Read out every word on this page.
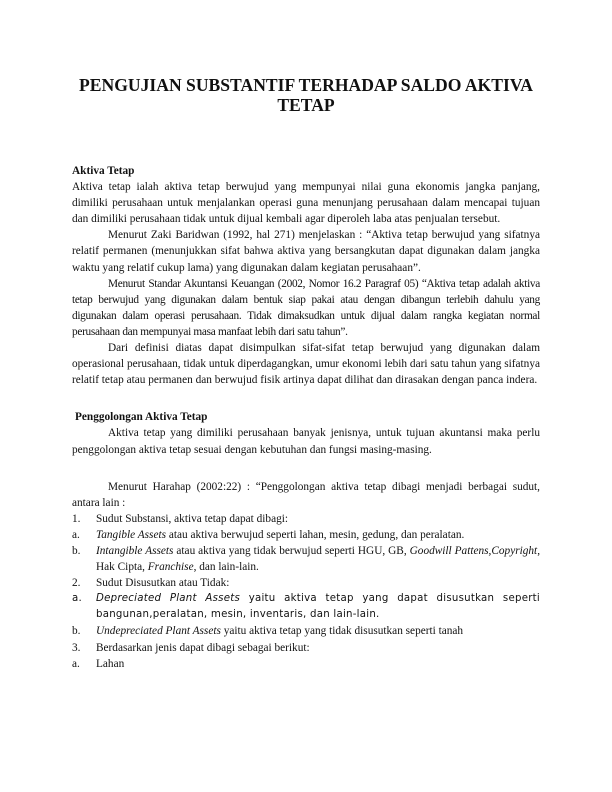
PENGUJIAN SUBSTANTIF TERHADAP SALDO AKTIVA TETAP

Aktiva Tetap

Aktiva tetap ialah aktiva tetap berwujud yang mempunyai nilai guna ekonomis jangka panjang, dimiliki perusahaan untuk menjalankan operasi guna menunjang perusahaan dalam mencapai tujuan dan dimiliki perusahaan tidak untuk dijual kembali agar diperoleh laba atas penjualan tersebut.

Menurut Zaki Baridwan (1992, hal 271) menjelaskan : “Aktiva tetap berwujud yang sifatnya relatif permanen (menunjukkan sifat bahwa aktiva yang bersangkutan dapat digunakan dalam jangka waktu yang relatif cukup lama) yang digunakan dalam kegiatan perusahaan”.

Menurut Standar Akuntansi Keuangan (2002, Nomor 16.2 Paragraf 05) “Aktiva tetap adalah aktiva tetap berwujud yang digunakan dalam bentuk siap pakai atau dengan dibangun terlebih dahulu yang digunakan dalam operasi perusahaan. Tidak dimaksudkan untuk dijual dalam rangka kegiatan normal perusahaan dan mempunyai masa manfaat lebih dari satu tahun”.

Dari definisi diatas dapat disimpulkan sifat-sifat tetap berwujud yang digunakan dalam operasional perusahaan, tidak untuk diperdagangkan, umur ekonomi lebih dari satu tahun yang sifatnya relatif tetap atau permanen dan berwujud fisik artinya dapat dilihat dan dirasakan dengan panca indera.

Penggolongan Aktiva Tetap

Aktiva tetap yang dimiliki perusahaan banyak jenisnya, untuk tujuan akuntansi maka perlu penggolongan aktiva tetap sesuai dengan kebutuhan dan fungsi masing-masing.

Menurut Harahap (2002:22) : “Penggolongan aktiva tetap dibagi menjadi berbagai sudut, antara lain :

1.	Sudut Substansi, aktiva tetap dapat dibagi:
a.	Tangible Assets atau aktiva berwujud seperti lahan, mesin, gedung, dan peralatan.
b.	Intangible Assets atau aktiva yang tidak berwujud seperti HGU, GB, Goodwill Pattens,Copyright, Hak Cipta, Franchise, dan lain-lain.
2.	Sudut Disusutkan atau Tidak:
a.	Depreciated Plant Assets yaitu aktiva tetap yang dapat disusutkan seperti bangunan,peralatan, mesin, inventaris, dan lain-lain.
b.	Undepreciated Plant Assets yaitu aktiva tetap yang tidak disusutkan seperti tanah
3.	Berdasarkan jenis dapat dibagi sebagai berikut:
a.	Lahan
